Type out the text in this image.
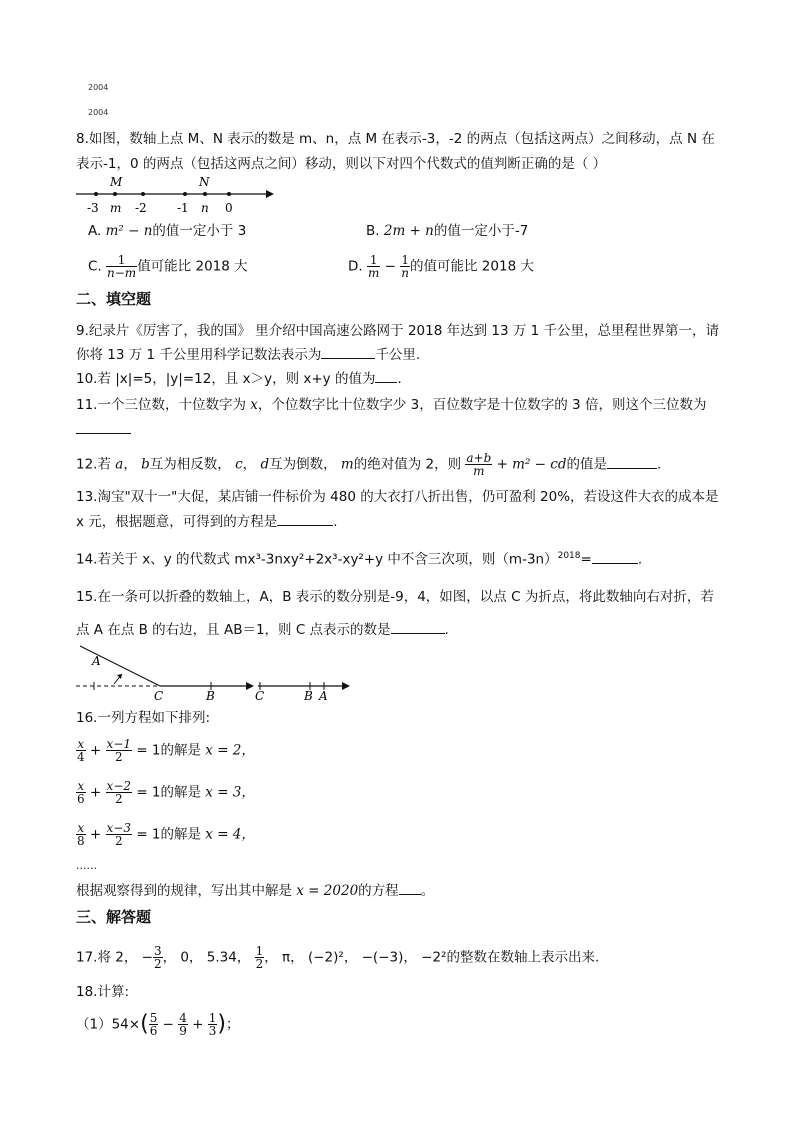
2004
2004
8.如图，数轴上点 M、N 表示的数是 m、n，点 M 在表示-3，-2 的两点（包括这两点）之间移动，点 N 在
表示-1，0 的两点（包括这两点之间）移动，则以下对四个代数式的值判断正确的是（ ）
M	N
-3 m -2	-1 n 0
A. m² − n的值一定小于 3	B. 2m + n的值一定小于-7
C. $\frac{1}{n-m}$ 值可能比 2018 大	D. $\frac{1}{m} - \frac{1}{n}$ 的值可能比 2018 大
二、填空题
9.纪录片《厉害了，我的国》 里介绍中国高速公路网于 2018 年达到 13 万 1 千公里，总里程世界第一，请
你将 13 万 1 千公里用科学记数法表示为	千公里.
10.若 |x|=5，|y|=12，且 x＞y，则 x+y 的值为 ．
11.一个三位数，十位数字为 x，个位数字比十位数字少 3，百位数字是十位数字的 3 倍，则这个三位数为
12.若 a， b互为相反数， c， d互为倒数， m的绝对值为 2，则 $\frac{a+b}{m} + m^2$ − cd的值是	.
13.淘宝"双十一"大促，某店铺一件标价为 480 的大衣打八折出售，仍可盈利 20%，若设这件大衣的成本是
x 元，根据题意，可得到的方程是	.
14.若关于 x、y 的代数式 mx³-3nxy²+2x³-xy²+y 中不含三次项，则$(m-3n)^{2018}=$	.
15.在一条可以折叠的数轴上，A，B 表示的数分别是-9，4，如图，以点 C 为折点，将此数轴向右对折，若
点 A 在点 B 的右边，且 AB＝1，则 C 点表示的数是	.
A
C	B	C	B A
16.一列方程如下排列:
$\frac{x}{4} + \frac{x-1}{2} = 1$的解是 x = 2，
$\frac{x}{6} + \frac{x-2}{2} = 1$的解是 x = 3，
$\frac{x}{8} + \frac{x-3}{2} = 1$的解是 x = 4，
......
根据观察得到的规律，写出其中解是 x = 2020的方程 。
三、解答题
17.将 2， − $\frac{3}{2}$ ， 0， 5.34， $\frac{1}{2}$ ， π， (−2)²， −(−3)， −2²的整数在数轴上表示出来.
18.计算:
$(1)54\times( \frac{5}{6} - \frac{4}{9} + \frac{1}{3}$ )；
